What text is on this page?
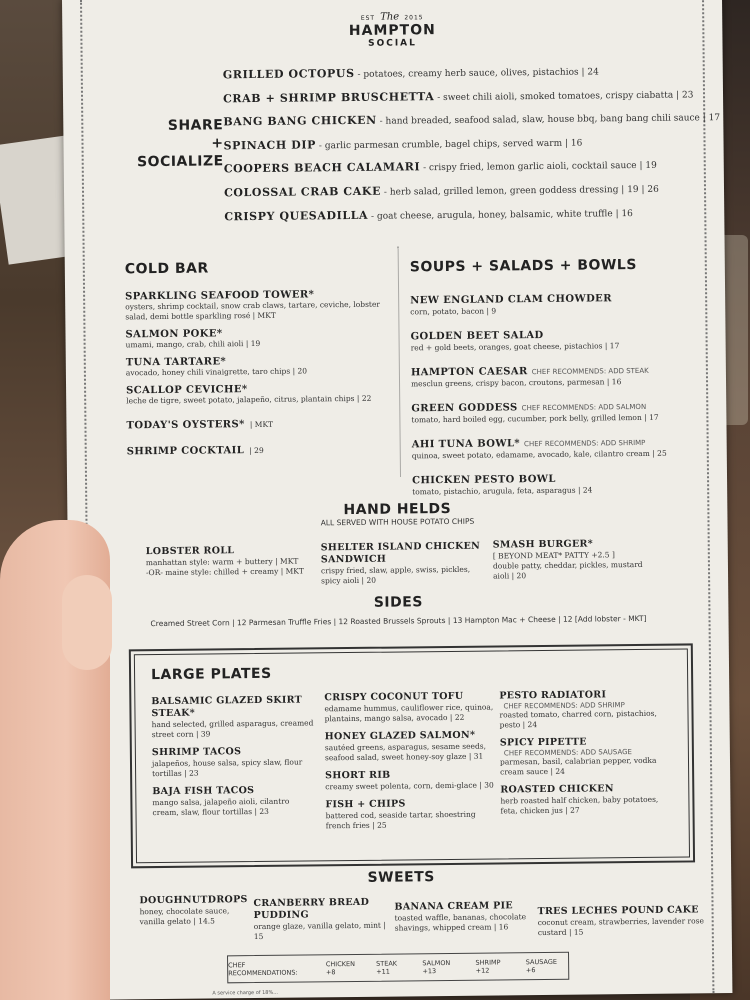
EST The 2015
HAMPTON
SOCIAL
SHARE
+
SOCIALIZE
GRILLED OCTOPUS - potatoes, creamy herb sauce, olives, pistachios | 24
CRAB + SHRIMP BRUSCHETTA - sweet chili aioli, smoked tomatoes, crispy ciabatta | 23
BANG BANG CHICKEN - hand breaded, seafood salad, slaw, house bbq, bang bang chili sauce | 17
SPINACH DIP - garlic parmesan crumble, bagel chips, served warm | 16
COOPERS BEACH CALAMARI - crispy fried, lemon garlic aioli, cocktail sauce | 19
COLOSSAL CRAB CAKE - herb salad, grilled lemon, green goddess dressing | 19 | 26
CRISPY QUESADILLA - goat cheese, arugula, honey, balsamic, white truffle | 16
COLD BAR
SPARKLING SEAFOOD TOWER*
oysters, shrimp cocktail, snow crab claws, tartare, ceviche, lobster salad, demi bottle sparkling rosé | MKT
SALMON POKE*
umami, mango, crab, chili aioli | 19
TUNA TARTARE*
avocado, honey chili vinaigrette, taro chips | 20
SCALLOP CEVICHE*
leche de tigre, sweet potato, jalapeño, citrus, plantain chips | 22
TODAY'S OYSTERS* | MKT
SHRIMP COCKTAIL | 29
SOUPS + SALADS + BOWLS
NEW ENGLAND CLAM CHOWDER
corn, potato, bacon | 9
GOLDEN BEET SALAD
red + gold beets, oranges, goat cheese, pistachios | 17
HAMPTON CAESAR CHEF RECOMMENDS: ADD STEAK
mesclun greens, crispy bacon, croutons, parmesan | 16
GREEN GODDESS CHEF RECOMMENDS: ADD SALMON
tomato, hard boiled egg, cucumber, pork belly, grilled lemon | 17
AHI TUNA BOWL* CHEF RECOMMENDS: ADD SHRIMP
quinoa, sweet potato, edamame, avocado, kale, cilantro cream | 25
CHICKEN PESTO BOWL
tomato, pistachio, arugula, feta, asparagus | 24
HAND HELDS
ALL SERVED WITH HOUSE POTATO CHIPS
LOBSTER ROLL
manhattan style: warm + buttery | MKT
-OR- maine style: chilled + creamy | MKT
SHELTER ISLAND CHICKEN SANDWICH
crispy fried, slaw, apple, swiss, pickles, spicy aioli | 20
SMASH BURGER*
[ BEYOND MEAT* PATTY +2.5 ]
double patty, cheddar, pickles, mustard aioli | 20
SIDES
Creamed Street Corn | 12 Parmesan Truffle Fries | 12 Roasted Brussels Sprouts | 13 Hampton Mac + Cheese | 12 [Add lobster - MKT]
LARGE PLATES
BALSAMIC GLAZED SKIRT STEAK*
hand selected, grilled asparagus, creamed street corn | 39
SHRIMP TACOS
jalapeños, house salsa, spicy slaw, flour tortillas | 23
BAJA FISH TACOS
mango salsa, jalapeño aioli, cilantro cream, slaw, flour tortillas | 23
CRISPY COCONUT TOFU
edamame hummus, cauliflower rice, quinoa, plantains, mango salsa, avocado | 22
HONEY GLAZED SALMON*
sautéed greens, asparagus, sesame seeds, seafood salad, sweet honey-soy glaze | 31
SHORT RIB
creamy sweet polenta, corn, demi-glace | 30
FISH + CHIPS
battered cod, seaside tartar, shoestring french fries | 25
PESTO RADIATORI
CHEF RECOMMENDS: ADD SHRIMP
roasted tomato, charred corn, pistachios, pesto | 24
SPICY PIPETTE
CHEF RECOMMENDS: ADD SAUSAGE
parmesan, basil, calabrian pepper, vodka cream sauce | 24
ROASTED CHICKEN
herb roasted half chicken, baby potatoes, feta, chicken jus | 27
SWEETS
DOUGHNUTDROPS
honey, chocolate sauce, vanilla gelato | 14.5
CRANBERRY BREAD PUDDING
orange glaze, vanilla gelato, mint | 15
BANANA CREAM PIE
toasted waffle, bananas, chocolate shavings, whipped cream | 16
TRES LECHES POUND CAKE
coconut cream, strawberries, lavender rose custard | 15
CHEF RECOMMENDATIONS:
CHICKEN +8
STEAK +11
SALMON +13
SHRIMP +12
SAUSAGE +6
A service charge of 18%...
